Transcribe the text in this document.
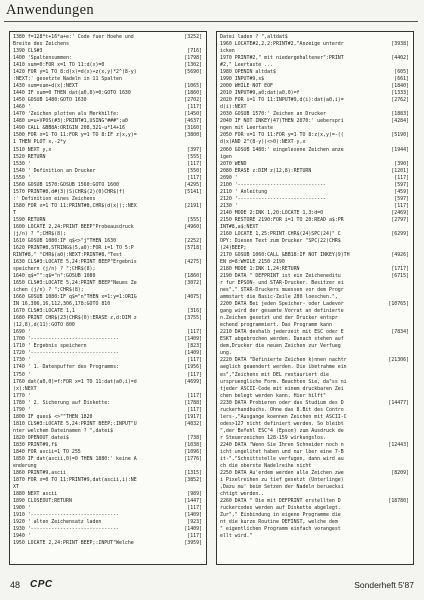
Anwendungen
1380 f=128*t+16*a+e:' Code fuer Hoehe und	[3252]
Breite des Zeichens
1390 CLS#3	[716]
1400 'Spaltensummen:	[1798]
1410 sum=0:FOR x=1 TO 11:d(x)=0	[1302]
1420 FOR y=1 TO 8:d(x)=d(x)+z(x,y)*2^(8-y)	[5690]
:NEXT:' gesetzte Nadeln in 11 Spalten
1430 sum=sum+d(x):NEXT	[1065]
1440 IF sum=0 THEN dat(a0,0)=0:GOTO 1630	[1860]
1450 GOSUB 1480:GOTO 1630	[2702]
1460 '	[117]
1470 'Zeichen plotten als Merkhilfe:	[1450]
1480 u=u+VPOS(#3):PRINT#1,USING"###";a0	[4637]
1490 CALL &BB8A:ORIGIN 208,321-u*14+16	[3160]
1500 FOR x=1 TO 11:FOR y=1 TO 8:IF z(x,y)=	[3800]
1 THEN PLOT x,-2*y
1510 NEXT y,x	[397]
1520 RETURN	[555]
1530 '	[117]
1540 ' Definition an Drucker	[550]
1550 '	[117]
1560 GOSUB 1570:GOSUB 1560:GOTO 1600	[4295]
1570 PRINT#8,d#(3)(S)CHR$(2)(0)CHR$(f)	[5141]
:' Definition eines Zeichens
1580 FOR x=1 TO 11:PRINT#8,CHR$(d(x));:NEX	[2191]
T
1590 RETURN	[555]
1600 LOCATE 2,24:PRINT BEEP"Probeausdruck	[4960]
(j/n) ? ";CHR$(8);
1610 GOSUB 1080:IF q$<>"j"THEN 1630	[2252]
1620 PRINT#8,STRING$(5,a0):FOR i=1 TO 5:P	[5718]
RINT#8," "CHR$(a0):NEXT:PRINT#8,"Test
1630 CLS#3:LOCATE 5,24:PRINT BEEP"Ergebnis	[4275]
speichern (j/n) ? ";CHR$(8);
1640 q$="":q$="n":GOSUB 1080	[1860]
1650 CLS#3:LOCATE 5,24:PRINT BEEP"Neues Ze	[3072]
ichen (j/n) ? ";CHR$(8);
1660 GOSUB 1080:IF q$="n"THEN x=1:y=1:ORIG	[4075]
IN 16,306,16,112,306,178:GOTO 810
1670 CLS#3:LOCATE 1,1	[316]
1680 PRINT CHR$(23)CHR$(0):ERASE z,d:DIM z	[3755]
(12,8),d(11):GOTO 800
1690 '	[117]
1700 '------------------------------	[1409]
1710 ' Ergebnis speichern	[823]
1720 '------------------------------	[1409]
1730 '	[117]
1740 ' 1. Datenpuffer des Programms:	[1956]
1750 '	[117]
1760 dat(a0,0)=f:FOR x=1 TO 11:dat(a0,i)=d	[4699]
(x):NEXT
1770 '	[117]
1780 ' 2. Sicherung auf Diskette:	[1788]
1790 '	[117]
1800 IF ques$ <>""THEN 1820	[1917]
1810 CLS#3:LOCATE 5,24:PRINT BEEP;:INPUT"U	[4032]
nter welchem Dateinamen ? ",datei$
1820 OPENOUT datei$	[738]
1830 PRINT#9,f$	[1038]
1840 FOR ascii=1 TO 255	[1096]
1850 IF dat(ascii,0)=0 THEN 1880:' keine A	[1776]
enderung
1860 PRINT#9,ascii	[1315]
1870 FOR x=0 TO 11:PRINT#9,dat(ascii,i):NE	[3852]
XT
1880 NEXT ascii	[989]
1890 CLOSEOUT:RETURN	[1447]
1900 '	[117]
1910 '------------------------------	[1409]
1920 ' alten Zeichensatz laden	[923]
1930 '------------------------------	[1409]
1940 '	[117]
1950 LOCATE 2,24:PRINT BEEP;:INPUT"Welche	[3959]
Datei laden ? ",altdat$
1960 LOCATE#2,2,2:PRINT#2,"Anzeige unterdr	[3938]
icken
1970 PRINT#2," mit niedergehaltener":PRINT	[4402]
#2," Leertaste ...
1980 OPENIN altdat$	[605]
1990 INPUT#9,s$	[661]
2000 WHILE NOT EOF	[1840]
2010 INPUT#9,a0;dat(a0,0)=f	[1333]
2020 FOR i=1 TO 11:INPUT#9,d(i):dat(a0,i)=	[2762]
d(i):NEXT
2030 GOSUB 1570:' Zeichen an Drucker	[1883]
2040 IF NOT INKEY(47)THEN 2070:' ueberspri	[4284]
ngen mit Leertaste
2050 FOR x=1 TO 11:FOR y=1 TO 8:z(x,y)=-((	[5190]
d(x)AND 2^(8-y))<>0):NEXT y,x
2060 GOSUB 1480:' eingelesene Zeichen anze	[1944]
igen
2070 WEND	[390]
2080 ERASE z:DIM z(12,8):RETURN	[1201]
2090 '	[117]
2100 '------------------------------	[597]
2110 ' Anleitung	[459]
2120 '------------------------------	[597]
2130 '	[117]
2140 MODE 2:INK 1,20:LOCATE 1,3:d=0	[2469]
2150 RESTORE 2190:FOR i=1 TO 20:READ a$:PR	[2797]
INT#8,a$:NEXT
2160 LOCATE 1,25:PRINT CHR$(24)SPC(24)" C	[6299]
OPY: Diesen Text zum Drucker "SPC(22)CHR$
(24)BEEP;
2170 GOSUB 1060:CALL &BB18:IF NOT INKEY(9)TH	[4926]
EN d=8:WHILE 2150 2190
2180 MODE 1:INK 1,24:RETURN	[1717]
2190 DATA " DEFPRINT ist ein Zeicheneditu	[6715]
r fur EPSON- und STAR-Drucker. Besitzer ei
nes"," STAR-Druckers muessen vor dem Progr
ammstart die Basic-Zeile 280 loeschen.",
2200 DATA Bei jeden Speicher- oder Ladevor	[10765]
gang wird der gesamte Vorrat an definierte
n.Zeichen gesetzt und der Drucker entspr
echend programmiert. Das Programm kann
2210 DATA deshalb jederzeit mit ESC oder E	[7834]
ESKT abgebrochen werden. Danach stehen auf
dem,Drucker die neuen Zeichen zur Verfueg
ung.
2220 DATA "Definierte Zeichen k)nnen nachtr	[21306]
aeglich geaendert werden. Die ibetrahme ein
es","Zeichens mit DEL restauriert die
urspruengliche Form. Beachten Sie, da"ss ni
tjeder ASCII-Code mit einem druckbaren Zei
chen belegt werden kann. Hier hilft"
2230 DATA Probieren oder das Studium des D	[14477]
ruckerhandbuchs. Ohne das 8.Bit des Contro
lers-,"Ausgange koennen Zeichen mit ASCII-C
odes>127 nicht definiert werden. So bleibt
",der Befehl ESC"4 (Epson) zum Ausdruck de
r Steuerzeichen 128-159 wirkungslos.
2240 DATA "Wenn Sie Ihren Schneider noch n	[12443]
icht ungelitet haben und nur lber eine 7-B
it-","Schnittstelle verfugen, dann wird au
ch die oberste Nadelreihe nicht
2250 DATA Au'erdem werden alle Zeichen zwe	[8209]
i Pixelreihen zu tief gesetzt (Unterlinge)
,Dazu mu' beim Setzen der Nadeln beruecksi
chtigt werden..
2260 DATA " Die mit DEFPRINT erstellten D	[18780]
ruckercodes werden auf Diskette abgelegt.
Zur"," Einbindung in eigene Programme die
nt die kurze Routine DEFINST, welche dem
" eigentlichen Programm einfach vorangest
ellt wird."
48 CPC	Sonderheft 5'87
